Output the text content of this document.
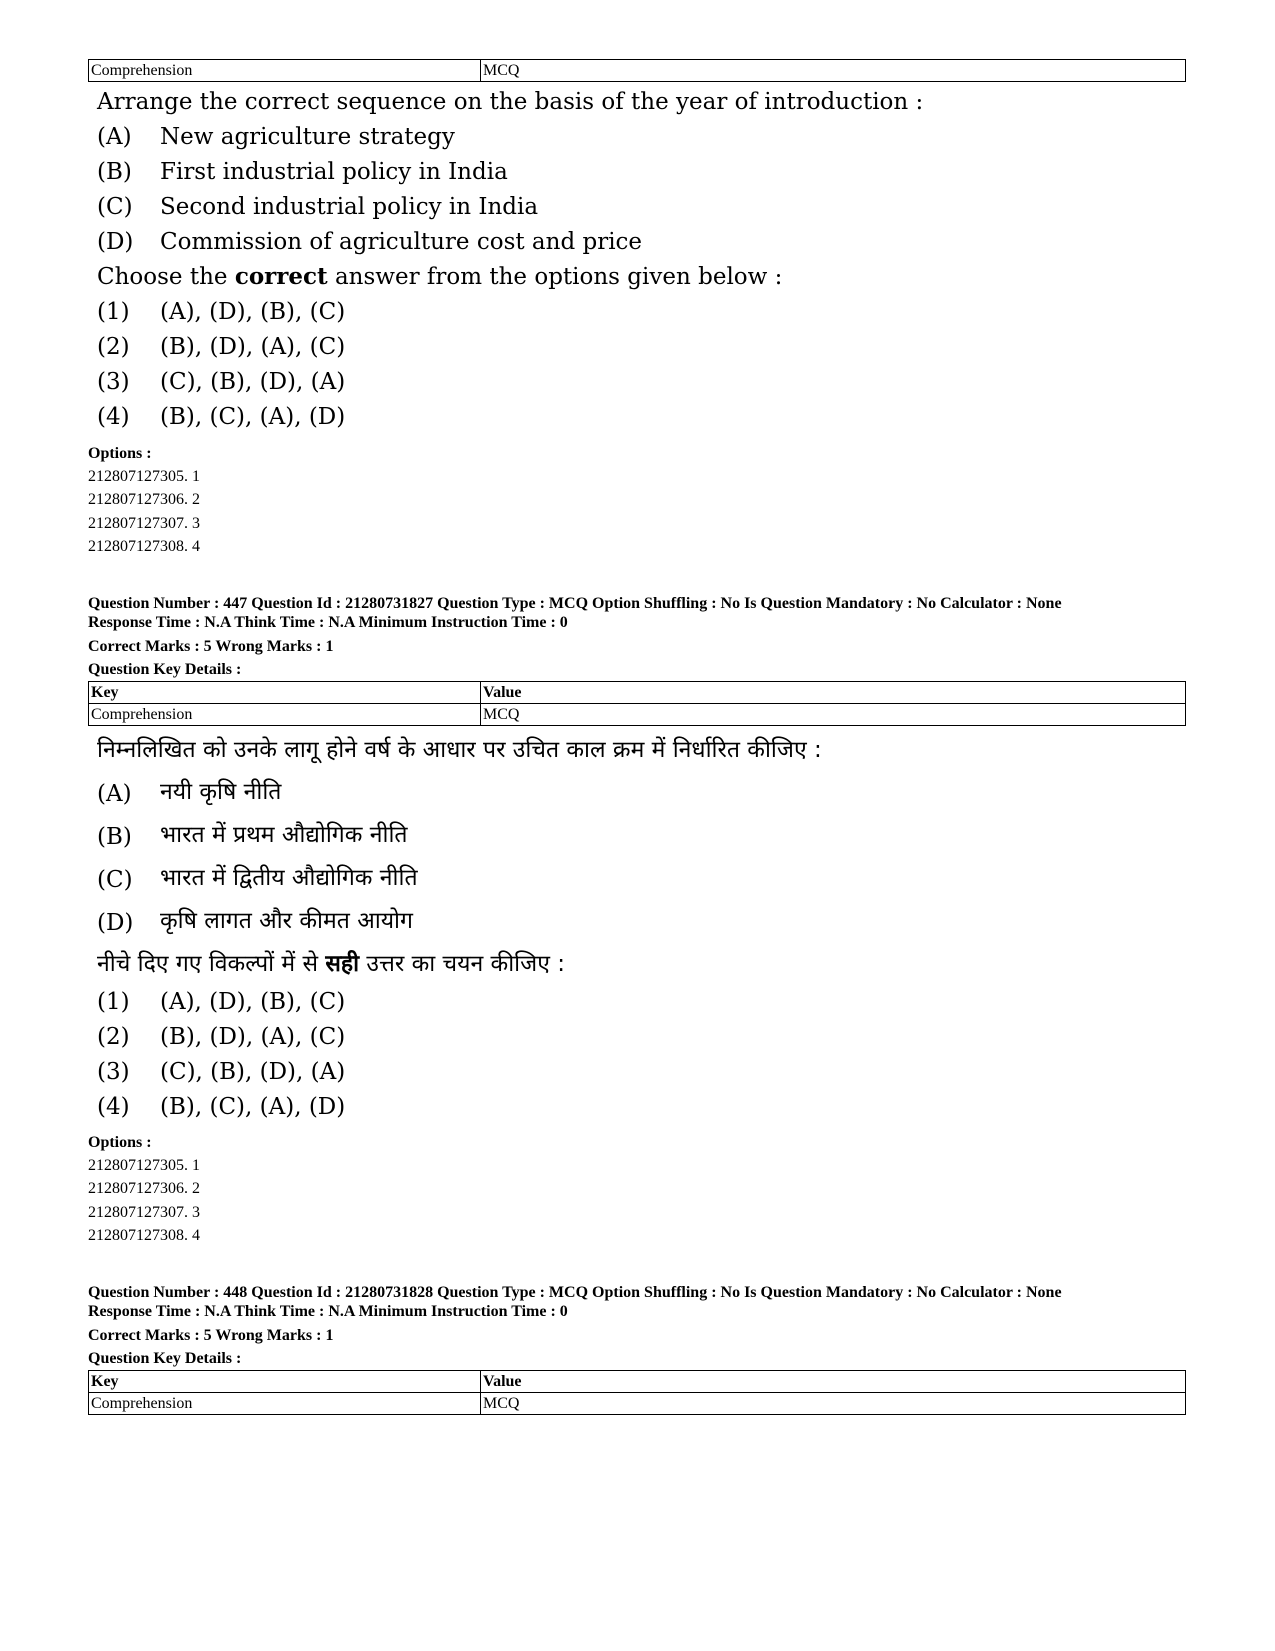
Comprehension	MCQ
Arrange the correct sequence on the basis of the year of introduction :
(A) New agriculture strategy
(B) First industrial policy in India
(C) Second industrial policy in India
(D) Commission of agriculture cost and price
Choose the correct answer from the options given below :
(1) (A), (D), (B), (C)
(2) (B), (D), (A), (C)
(3) (C), (B), (D), (A)
(4) (B), (C), (A), (D)
Options :
212807127305. 1
212807127306. 2
212807127307. 3
212807127308. 4
Question Number : 447 Question Id : 21280731827 Question Type : MCQ Option Shuffling : No Is Question Mandatory : No Calculator : None
Response Time : N.A Think Time : N.A Minimum Instruction Time : 0
Correct Marks : 5 Wrong Marks : 1
Question Key Details :
Key	Value
Comprehension	MCQ
निम्नलिखित को उनके लागू होने वर्ष के आधार पर उचित काल क्रम में निर्धारित कीजिए :
(A) नयी कृषि नीति
(B) भारत में प्रथम औद्योगिक नीति
(C) भारत में द्वितीय औद्योगिक नीति
(D) कृषि लागत और कीमत आयोग
नीचे दिए गए विकल्पों में से सही उत्तर का चयन कीजिए :
(1) (A), (D), (B), (C)
(2) (B), (D), (A), (C)
(3) (C), (B), (D), (A)
(4) (B), (C), (A), (D)
Options :
212807127305. 1
212807127306. 2
212807127307. 3
212807127308. 4
Question Number : 448 Question Id : 21280731828 Question Type : MCQ Option Shuffling : No Is Question Mandatory : No Calculator : None
Response Time : N.A Think Time : N.A Minimum Instruction Time : 0
Correct Marks : 5 Wrong Marks : 1
Question Key Details :
Key	Value
Comprehension	MCQ
